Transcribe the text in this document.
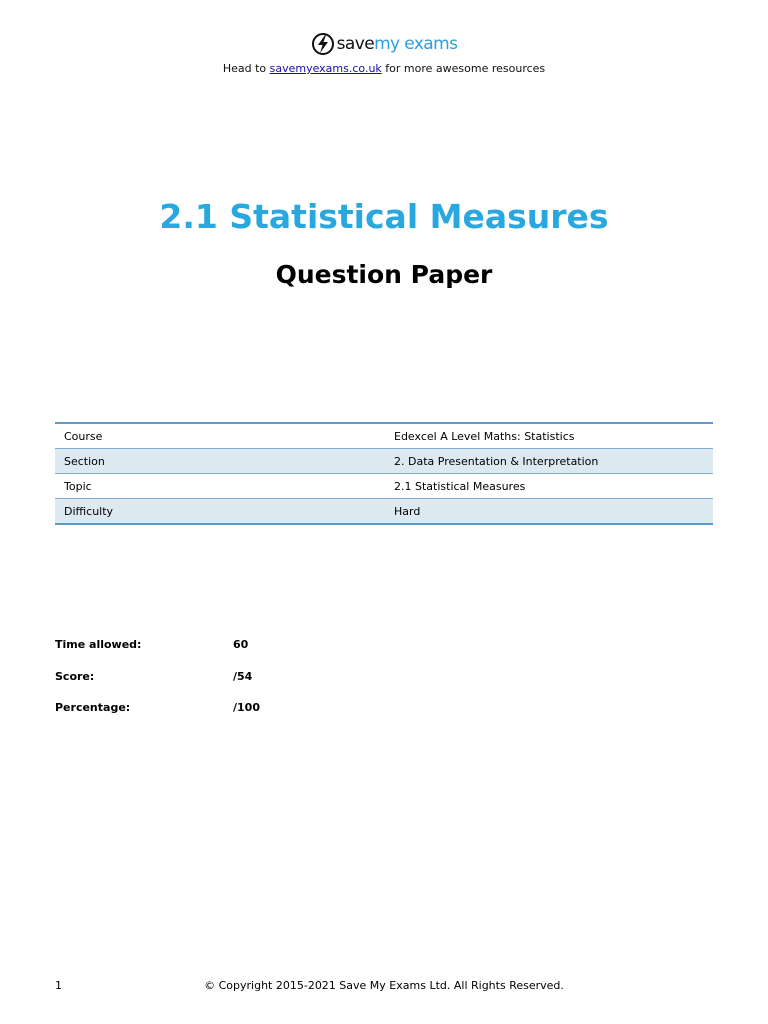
savemy exams
Head to savemyexams.co.uk for more awesome resources
2.1 Statistical Measures
Question Paper
Course	Edexcel A Level Maths: Statistics
Section	2. Data Presentation & Interpretation
Topic	2.1 Statistical Measures
Difficulty	Hard
Time allowed:	60
Score:	/54
Percentage:	/100
© Copyright 2015-2021 Save My Exams Ltd. All Rights Reserved.
1
